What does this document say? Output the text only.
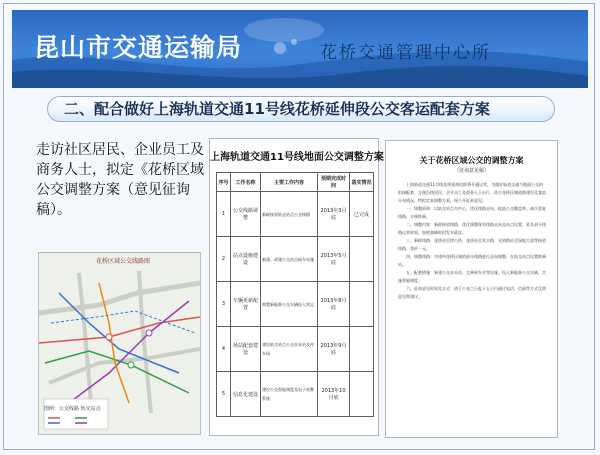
昆山市交通运输局	花桥交通管理中心所
二、配合做好上海轨道交通11号线花桥延伸段公交客运配套方案
走访社区居民、企业员工及商务人士，拟定《花桥区域公交调整方案（意见征询稿）。
花桥区域公交线路图
图例：公交线路 轨交站点
上海轨道交通11号线地面公交调整方案
序号	工作名称	主要工作内容	预期完成时间	落实情况
1	公交线路调整	新辟接驳轨交站点公交线路	2013年3月底	已完成
2	站点设施建设	新建、改建公交站点候车设施	2013年5月底	
3	车辆更新配置	购置新能源公交车辆投入营运	2013年8月底	
4	场站配套建设	建设轨交站点公交首末站及停车场	2013年9月底	
5	信息化建设	建设公交智能调度及电子站牌系统	2013年10月底	
关于花桥区域公交的调整方案
（征询意见稿）

上海轨道交通11号线花桥延伸段即将开通运营，为做好轨道交通与地面公交的衔接配套，方便沿线居民、企业员工及商务人士出行，结合花桥区域道路建设及客流分布情况，特拟定本调整方案，现公开征询意见。

一、调整原则：以轨交站点为中心，优化线路走向，提高公交覆盖率，减少重复线路，方便换乘。

二、调整内容：新辟接驳线路，优化调整现有线路走向及站点设置，延长部分线路运营时间，加密高峰时段发车班次。

三、新辟线路：花桥站至徐公桥、花桥站至兆丰路、光明路站至绿地大道等接驳线路，票价一元。

四、调整线路：对途经花桥区域的部分线路进行走向调整，在轨交站点设置换乘站。

五、配套措施：新建公交首末站，完善候车亭等设施，投入新能源公交车辆，实施智能调度。

六、征询意见时间及方式：请于公布之日起十五日内通过电话、信函等方式反馈意见和建议。
